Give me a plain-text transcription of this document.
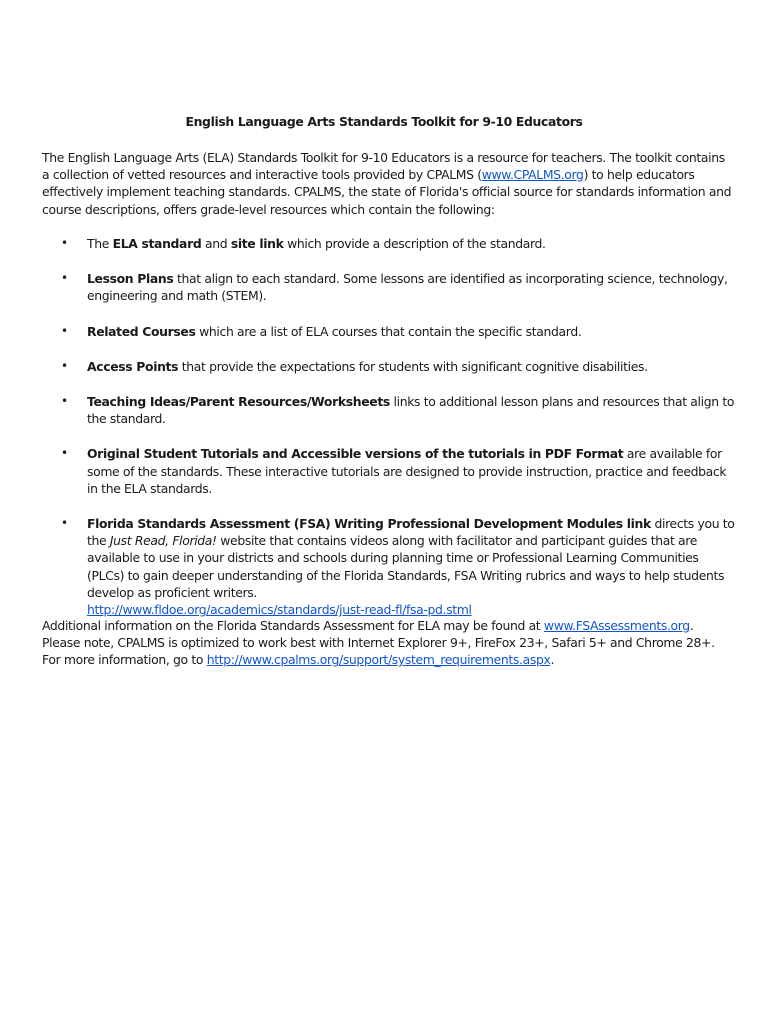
English Language Arts Standards Toolkit for 9-10 Educators

The English Language Arts (ELA) Standards Toolkit for 9-10 Educators is a resource for teachers. The toolkit contains a collection of vetted resources and interactive tools provided by CPALMS (www.CPALMS.org) to help educators effectively implement teaching standards. CPALMS, the state of Florida's official source for standards information and course descriptions, offers grade-level resources which contain the following:

• The ELA standard and site link which provide a description of the standard.
• Lesson Plans that align to each standard. Some lessons are identified as incorporating science, technology, engineering and math (STEM).
• Related Courses which are a list of ELA courses that contain the specific standard.
• Access Points that provide the expectations for students with significant cognitive disabilities.
• Teaching Ideas/Parent Resources/Worksheets links to additional lesson plans and resources that align to the standard.
• Original Student Tutorials and Accessible versions of the tutorials in PDF Format are available for some of the standards. These interactive tutorials are designed to provide instruction, practice and feedback in the ELA standards.
• Florida Standards Assessment (FSA) Writing Professional Development Modules link directs you to the Just Read, Florida! website that contains videos along with facilitator and participant guides that are available to use in your districts and schools during planning time or Professional Learning Communities (PLCs) to gain deeper understanding of the Florida Standards, FSA Writing rubrics and ways to help students develop as proficient writers.
http://www.fldoe.org/academics/standards/just-read-fl/fsa-pd.stml

Additional information on the Florida Standards Assessment for ELA may be found at www.FSAssessments.org.
Please note, CPALMS is optimized to work best with Internet Explorer 9+, FireFox 23+, Safari 5+ and Chrome 28+. For more information, go to http://www.cpalms.org/support/system_requirements.aspx.
